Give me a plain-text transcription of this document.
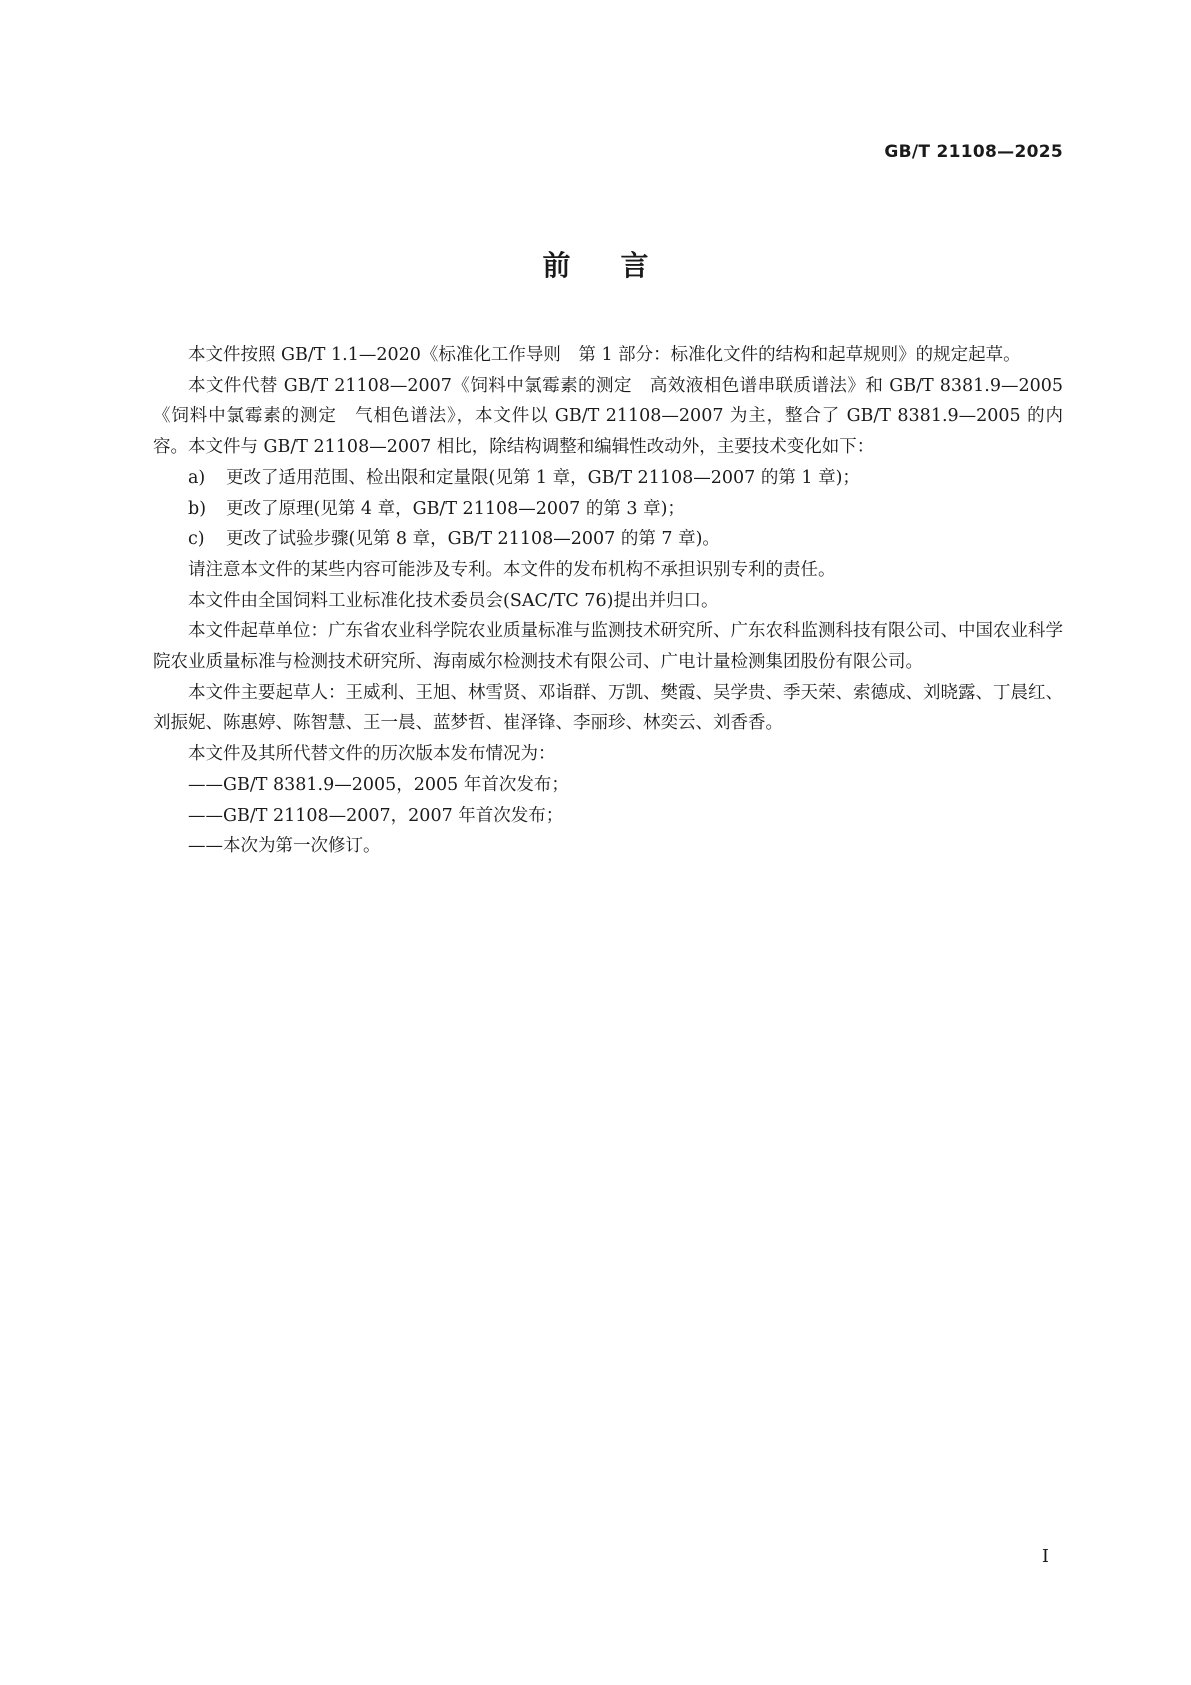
GB/T 21108—2025
前言

本文件按照 GB/T 1.1—2020《标准化工作导则　第 1 部分：标准化文件的结构和起草规则》的规定起草。

本文件代替 GB/T 21108—2007《饲料中氯霉素的测定　高效液相色谱串联质谱法》和 GB/T 8381.9—2005《饲料中氯霉素的测定　气相色谱法》，本文件以 GB/T 21108—2007 为主，整合了 GB/T 8381.9—2005 的内容。本文件与 GB/T 21108—2007 相比，除结构调整和编辑性改动外，主要技术变化如下：

a) 更改了适用范围、检出限和定量限(见第 1 章，GB/T 21108—2007 的第 1 章)；
b) 更改了原理(见第 4 章，GB/T 21108—2007 的第 3 章)；
c) 更改了试验步骤(见第 8 章，GB/T 21108—2007 的第 7 章)。

请注意本文件的某些内容可能涉及专利。本文件的发布机构不承担识别专利的责任。

本文件由全国饲料工业标准化技术委员会(SAC/TC 76)提出并归口。

本文件起草单位：广东省农业科学院农业质量标准与监测技术研究所、广东农科监测科技有限公司、中国农业科学院农业质量标准与检测技术研究所、海南威尔检测技术有限公司、广电计量检测集团股份有限公司。

本文件主要起草人：王威利、王旭、林雪贤、邓诣群、万凯、樊霞、吴学贵、季天荣、索德成、刘晓露、丁晨红、刘振妮、陈惠婷、陈智慧、王一晨、蓝梦哲、崔泽锋、李丽珍、林奕云、刘香香。

本文件及其所代替文件的历次版本发布情况为：

——GB/T 8381.9—2005，2005 年首次发布；
——GB/T 21108—2007，2007 年首次发布；
——本次为第一次修订。
I
